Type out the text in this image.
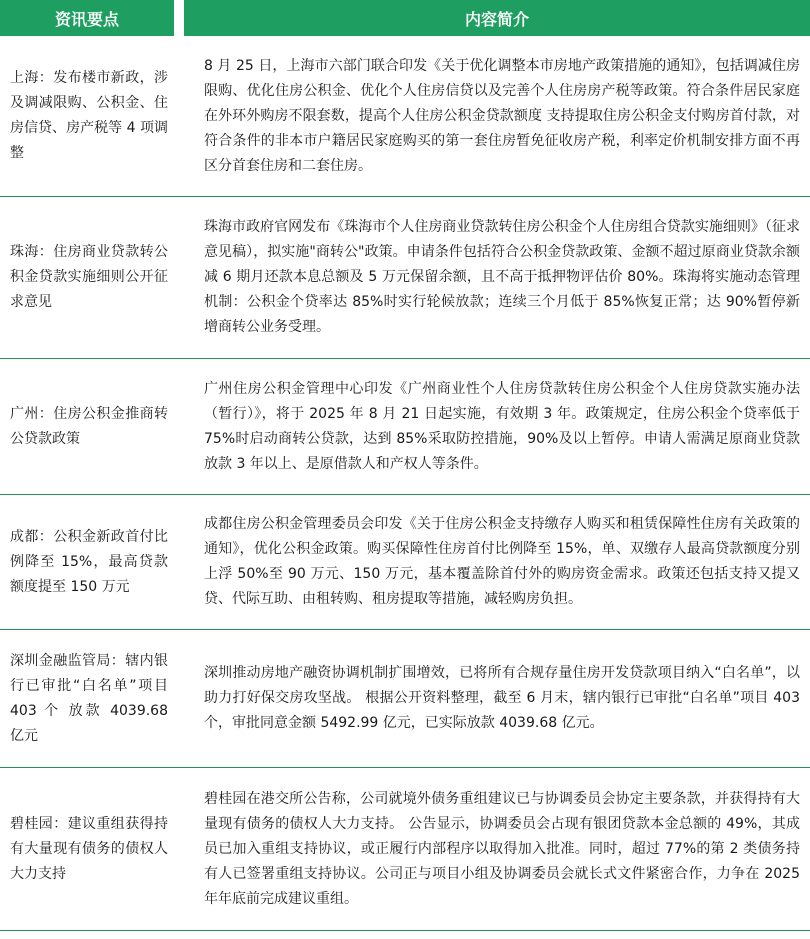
资讯要点		内容简介
上海：发布楼市新政，涉及调减限购、公积金、住房信贷、房产税等 4 项调整		8 月 25 日，上海市六部门联合印发《关于优化调整本市房地产政策措施的通知》，包括调减住房限购、优化住房公积金、优化个人住房信贷以及完善个人住房房产税等政策。符合条件居民家庭在外环外购房不限套数，提高个人住房公积金贷款额度 支持提取住房公积金支付购房首付款，对符合条件的非本市户籍居民家庭购买的第一套住房暂免征收房产税，利率定价机制安排方面不再区分首套住房和二套住房。
珠海：住房商业贷款转公积金贷款实施细则公开征求意见		珠海市政府官网发布《珠海市个人住房商业贷款转住房公积金个人住房组合贷款实施细则》（征求意见稿），拟实施"商转公"政策。申请条件包括符合公积金贷款政策、金额不超过原商业贷款余额减 6 期月还款本息总额及 5 万元保留余额，且不高于抵押物评估价 80%。珠海将实施动态管理机制：公积金个贷率达 85%时实行轮候放款；连续三个月低于 85%恢复正常；达 90%暂停新增商转公业务受理。
广州：住房公积金推商转公贷款政策		广州住房公积金管理中心印发《广州商业性个人住房贷款转住房公积金个人住房贷款实施办法（暂行）》，将于 2025 年 8 月 21 日起实施，有效期 3 年。政策规定，住房公积金个贷率低于 75%时启动商转公贷款，达到 85%采取防控措施，90%及以上暂停。申请人需满足原商业贷款放款 3 年以上、是原借款人和产权人等条件。
成都：公积金新政首付比例降至 15%，最高贷款额度提至 150 万元		成都住房公积金管理委员会印发《关于住房公积金支持缴存人购买和租赁保障性住房有关政策的通知》，优化公积金政策。购买保障性住房首付比例降至 15%，单、双缴存人最高贷款额度分别上浮 50%至 90 万元、150 万元，基本覆盖除首付外的购房资金需求。政策还包括支持又提又贷、代际互助、由租转购、租房提取等措施，减轻购房负担。
深圳金融监管局：辖内银行已审批“白名单”项目 403 个 放款 4039.68 亿元		深圳推动房地产融资协调机制扩围增效，已将所有合规存量住房开发贷款项目纳入“白名单”，以助力打好保交房攻坚战。 根据公开资料整理，截至 6 月末，辖内银行已审批“白名单”项目 403 个，审批同意金额 5492.99 亿元，已实际放款 4039.68 亿元。
碧桂园：建议重组获得持有大量现有债务的债权人大力支持		碧桂园在港交所公告称，公司就境外债务重组建议已与协调委员会协定主要条款，并获得持有大量现有债务的债权人大力支持。 公告显示，协调委员会占现有银团贷款本金总额的 49%，其成员已加入重组支持协议，或正履行内部程序以取得加入批准。同时，超过 77%的第 2 类债务持有人已签署重组支持协议。公司正与项目小组及协调委员会就长式文件紧密合作，力争在 2025 年年底前完成建议重组。
